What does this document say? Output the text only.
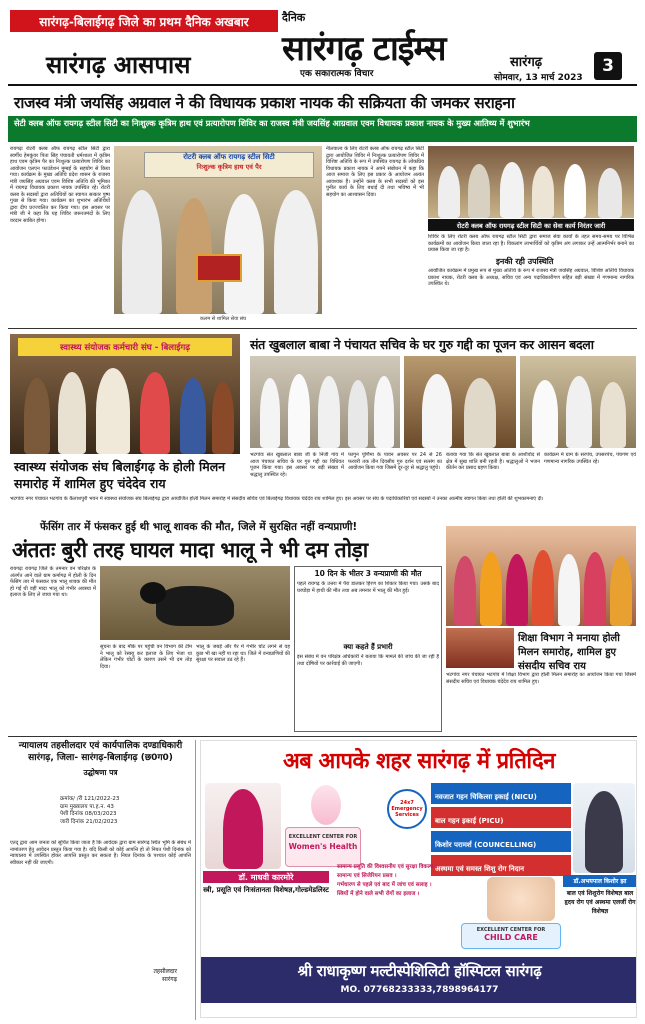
सारंगढ़-बिलाईगढ़ जिले का प्रथम दैनिक अखबार
सारंगढ़ आसपास
दैनिक
सारंगढ़ टाईम्स
एक सकारात्मक विचार
सारंगढ़
सोमवार, 13 मार्च 2023
3
राजस्व मंत्री जयसिंह अग्रवाल ने की विधायक प्रकाश नायक की सक्रियता की जमकर सराहना
सेटी क्लब ऑफ रायगढ़ स्टील सिटी का निःशुल्क कृत्रिम हाथ एवं प्रत्यारोपण शिविर का राजस्व मंत्री जयसिंह आग्रवाल एवम विधायक प्रकाश नायक के मुख्य आतिथ्य में शुभारंभ
रायगढ़ः रोटरी क्लब ऑफ रायगढ़ स्टील सिटी द्वारा स्वर्गीय हेमकुंवर पिता सिंह पंचायती धर्मशाला में कृत्रिम हाथ एवम कृत्रिम पैर का निःशुल्क प्रत्यारोपण शिविर का आयोजन एलएन फाउंडेशन मुम्बई के सहयोग से किया गया। कार्यक्रम के मुख्य अतिथि प्रदेश शासन के राजस्व मंत्री जयसिंह अग्रवाल एवम विशिष्ट अतिथि की भूमिका में रायगढ़ विधायक प्रकाश नायक उपस्थित रहे। रोटरी क्लब के सदस्यों द्वारा अतिथियों का स्वागत सत्कार पुष्प गुच्छ से किया गया। कार्यक्रम का शुभारंभ अतिथियों द्वारा दीप प्रज्ज्वलित कर किया गया। इस अवसर पर मंत्री जी ने कहा कि यह शिविर जरूरतमंदों के लिए वरदान साबित होगा।
रोटरी क्लब ऑफ रायगढ़ स्टील सिटी
निःशुल्क कृत्रिम हाथ एवं पैर
कलम से शामिल सेवा संघ
नीलवाल्‍व के लिए रोटरी क्लब ऑफ रायगढ़ स्टील सिटी द्वारा आयोजित शिविर में निःशुल्क प्रत्यारोपण शिविर में विशिष्ट अतिथि के रूप में उपस्थित रायगढ़ के लोकप्रिय विधायक प्रकाश नायक ने अपने संबोधन में कहा कि आज समाज के लिए इस प्रकार के आयोजन अत्यंत आवश्यक हैं। उन्होंने क्लब के सभी सदस्यों को इस पुनीत कार्य के लिए बधाई दी तथा भविष्य में भी सहयोग का आश्वासन दिया।
रोटरी क्लब ऑफ रायगढ़ स्टील सिटी का सेवा कार्य निरंतर जारी
शिविर के लिए रोटरी क्लब ऑफ रायगढ़ स्टील सिटी द्वारा समाज सेवा कार्यों के तहत समय-समय पर विभिन्न कार्यक्रमों का आयोजन किया जाता रहा है। विकलांग लाभार्थियों को कृत्रिम अंग लगाकर उन्हें आत्मनिर्भर बनाने का प्रयास किया जा रहा है।
इनकी रही उपस्थिति
आयोजित कार्यक्रम में प्रमुख रूप से मुख्य अतिथि के रूप में राजस्व मंत्री जयसिंह अग्रवाल, विशिष्ट अतिथि विधायक प्रकाश नायक, रोटरी क्लब के अध्यक्ष, सचिव एवं अन्य पदाधिकारीगण सहित बड़ी संख्या में गणमान्य नागरिक उपस्थित थे।
स्वास्थ्य संयोजक कर्मचारी संघ - बिलाईगढ़
स्वास्थ्य संयोजक संघ बिलाईगढ़ के होली मिलन समारोह में शामिल हुए चंदेदेव राय
संत खुबलाल बाबा ने पंचायत सचिव के घर गुरु गद्दी का पूजन कर आसन बदला
भटगांवः संत खुबलाल बाबा जी के निजी गांव में आज पंचायत सचिव के घर गुरु गद्दी का विधिवत पूजन किया गया। इस अवसर पर बड़ी संख्या में श्रद्धालु उपस्थित रहे।
फागुन पूर्णिमा के पावन अवसर पर 24 से 26 फरवरी तक तीन दिवसीय गुरु दर्शन एवं सत्संग का आयोजन किया गया जिसमें दूर-दूर से श्रद्धालु पहुंचे।
बताया गया कि संत खुबलाल बाबा के आशीर्वाद से क्षेत्र में सुख शांति बनी रहती है। श्रद्धालुओं ने भजन कीर्तन कर प्रसाद ग्रहण किया।
कार्यक्रम में ग्राम के सरपंच, उपसरपंच, पंचगण एवं गणमान्य नागरिक उपस्थित रहे।
भटगांवः नगर पंचायत भटगांव के कैलाशपुरी भवन में स्वास्थ्य संयोजक संघ बिलाईगढ़ द्वारा आयोजित होली मिलन समारोह में संसदीय सचिव एवं बिलाईगढ़ विधायक चंदेदेव राय शामिल हुए। इस अवसर पर संघ के पदाधिकारियों एवं सदस्यों ने उनका आत्मीय स्वागत किया तथा होली की शुभकामनाएं दी।
फेंसिंग तार में फंसकर हुई थी भालू शावक की मौत, जिले में सुरक्षित नहीं वन्यप्राणी!
अंततः बुरी तरह घायल मादा भालू ने भी दम तोड़ा
रायगढ़ः रायगढ़ जिले के तमनार वन परिक्षेत्र के अंतर्गत आने वाले ग्राम कर्मागढ़ में होली के दिन फेंसिंग तार में फंसकर एक भालू शावक की मौत हो गई थी वहीं मादा भालू को गंभीर अवस्था में इलाज के लिए ले जाया गया था।
सूचना के बाद मौके पर पहुंची वन विभाग की टीम ने भालू को रेस्क्यू कर इलाज के लिए भेजा था लेकिन गंभीर चोटों के कारण उसने भी दम तोड़ दिया।
भालू के जबड़े और पैर में गंभीर चोट लगने से वह कुछ भी खा नहीं पा रहा था। जिले में वन्यप्राणियों की सुरक्षा पर सवाल उठ रहे हैं।
10 दिन के भीतर 3 वन्यप्राणी की मौत
पहले रायगढ़ के उत्तरा में पैरा डालकर हिरण का शिकार किया गया। उसके बाद घरघोड़ा में हाथी की मौत तथा अब तमनार में भालू की मौत हुई।
क्या कहते हैं प्रभारी
इस संबंध में वन परिक्षेत्र अधिकारी ने बताया कि मामले की जांच की जा रही है तथा दोषियों पर कार्रवाई की जाएगी।
शिक्षा विभाग ने मनाया होली मिलन समारोह, शामिल हुए संसदीय सचिव राय
भटगांवः नगर पंचायत भटगांव में शिक्षा विभाग द्वारा होली मिलन समारोह का आयोजन किया गया जिसमें संसदीय सचिव एवं विधायक चंदेदेव राय शामिल हुए।
न्यायालय तहसीलदार एवं कार्यपालिक दण्डाधिकारी सारंगढ़, जिला- सारंगढ़-बिलाईगढ़ (छ0ग0)
उद्घोषणा पत्र
क्रमांक/ /री 121/2022-23
ग्राम मुख्यालय पा.ह.न. 43
पेशी दिनांक 08/03/2023
जारी दिनांक 21/02/2023
एतद् द्वारा आम जनता को सूचित किया जाता है कि आवेदक द्वारा ग्राम सारंगढ़ स्थित भूमि के संबंध में नामांतरण हेतु आवेदन प्रस्तुत किया गया है। यदि किसी को कोई आपत्ति हो तो नियत पेशी दिनांक को न्यायालय में उपस्थित होकर आपत्ति प्रस्तुत कर सकता है। नियत दिनांक के पश्चात कोई आपत्ति स्वीकार नहीं की जाएगी।
तहसीलदार
सारंगढ़
अब आपके शहर सारंगढ़ में प्रतिदिन
डॉ. माधवी कारमोरे
स्त्री, प्रसूति एवं निःसंतानता विशेषज्ञ,गोल्डमेडलिस्ट
EXCELLENT CENTER FOR
Women's Health
24x7 Emergency Services
नवजात गहन चिकित्सा इकाई (NICU)
बाल गहन इकाई (PICU)
किशोर परामर्श (COUNCELLING)
अस्थमा एवं समस्त शिशु रोग निदान
सामान्य प्रसूति की विश्वसनीय एवं सुरक्षा विकल्प ।
सामान्य एवं सिजेरियन प्रसव ।
गर्भधारण से पहले एवं बाद में जांच एवं सलाह ।
स्त्रियों में होने वाले सभी रोगों का इलाज ।
EXCELLENT CENTER FOR
CHILD CARE
डॉ.अभयपाल किशोर झा
बाल एवं शिशुरोग विशेषज्ञ बाल हृदय रोग एवं अस्थमा एलर्जी रोग विशेषज्ञ
श्री राधाकृष्ण मल्टीस्पेशिलिटी हॉस्पिटल सारंगढ़
MO. 07768233333,7898964177
